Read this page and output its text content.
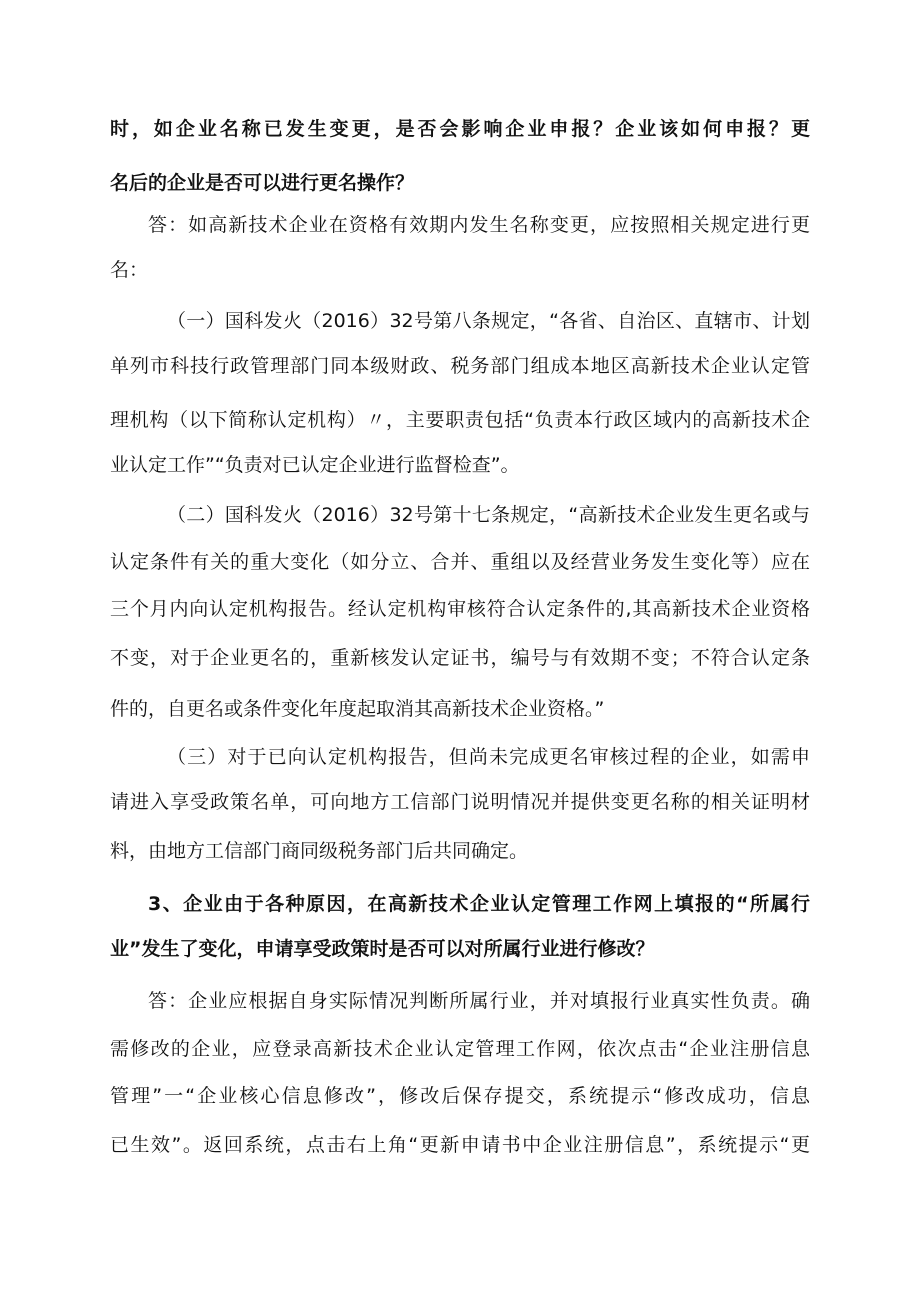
时，如企业名称已发生变更，是否会影响企业申报？企业该如何申报？更
名后的企业是否可以进行更名操作？
答：如高新技术企业在资格有效期内发生名称变更，应按照相关规定进行更
名：
（一）国科发火（2016）32号第八条规定，“各省、自治区、直辖市、计划
单列市科技行政管理部门同本级财政、税务部门组成本地区高新技术企业认定管
理机构（以下简称认定机构）〃，主要职责包括“负责本行政区域内的高新技术企
业认定工作”“负责对已认定企业进行监督检查”。
（二）国科发火（2016）32号第十七条规定，“高新技术企业发生更名或与
认定条件有关的重大变化（如分立、合并、重组以及经营业务发生变化等）应在
三个月内向认定机构报告。经认定机构审核符合认定条件的,其高新技术企业资格
不变，对于企业更名的，重新核发认定证书，编号与有效期不变；不符合认定条
件的，自更名或条件变化年度起取消其高新技术企业资格。”
（三）对于已向认定机构报告，但尚未完成更名审核过程的企业，如需申
请进入享受政策名单，可向地方工信部门说明情况并提供变更名称的相关证明材
料，由地方工信部门商同级税务部门后共同确定。
3、企业由于各种原因，在高新技术企业认定管理工作网上填报的“所属行
业”发生了变化，申请享受政策时是否可以对所属行业进行修改？
答：企业应根据自身实际情况判断所属行业，并对填报行业真实性负责。确
需修改的企业，应登录高新技术企业认定管理工作网，依次点击“企业注册信息
管理”一“企业核心信息修改”，修改后保存提交，系统提示“修改成功，信息
已生效”。返回系统，点击右上角“更新申请书中企业注册信息”，系统提示“更
